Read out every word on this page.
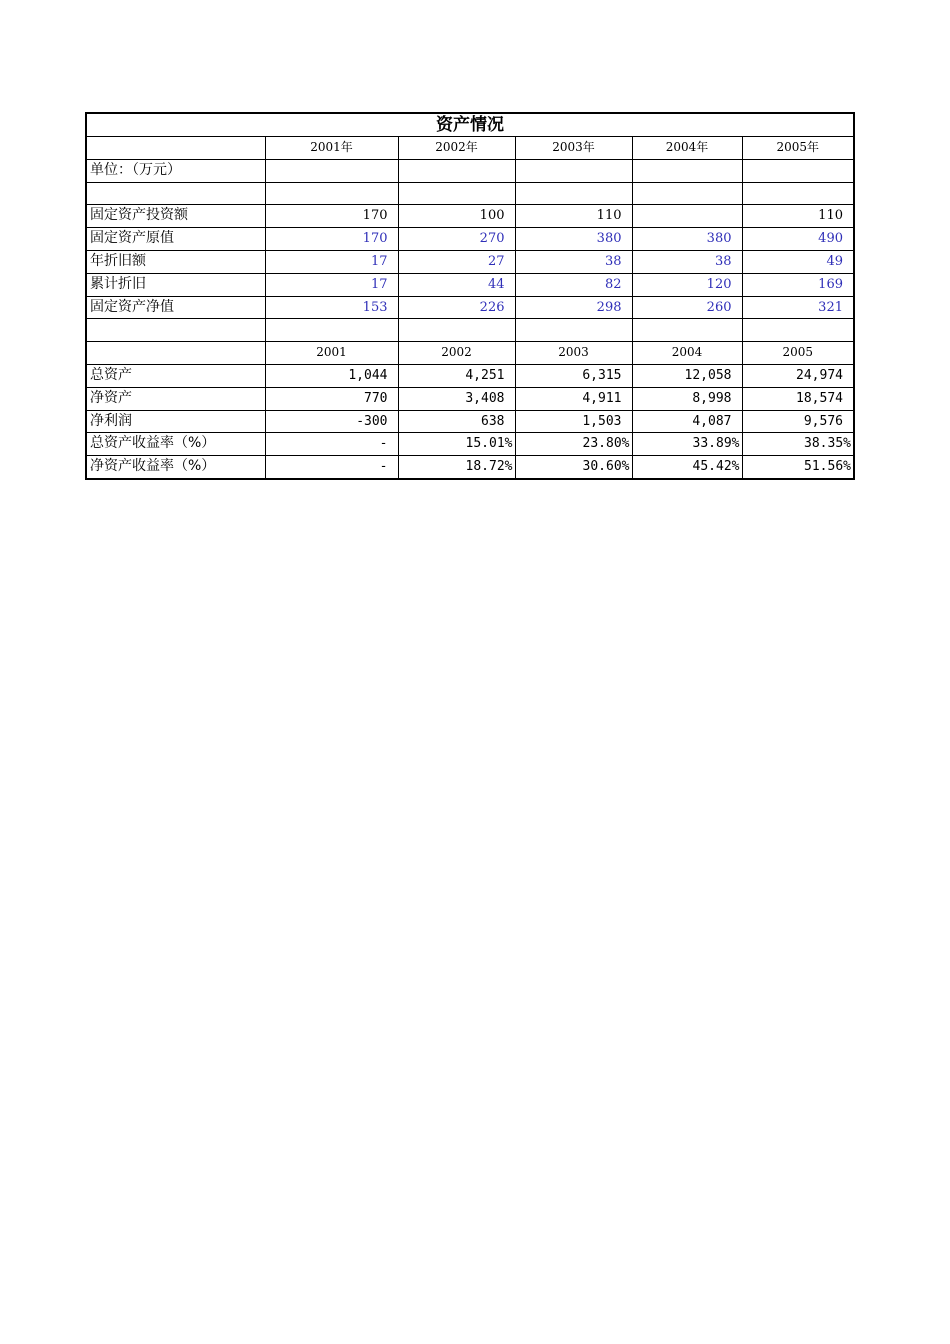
资产情况					
	2001年	2002年	2003年	2004年	2005年
单位：（万元）					

固定资产投资额	170	100	110		110
固定资产原值	170	270	380	380	490
年折旧额	17	27	38	38	49
累计折旧	17	44	82	120	169
固定资产净值	153	226	298	260	321

	2001	2002	2003	2004	2005
总资产	1,044	4,251	6,315	12,058	24,974
净资产	770	3,408	4,911	8,998	18,574
净利润	-300	638	1,503	4,087	9,576
总资产收益率（%）	-	15.01%	23.80%	33.89%	38.35%
净资产收益率（%）	-	18.72%	30.60%	45.42%	51.56%
